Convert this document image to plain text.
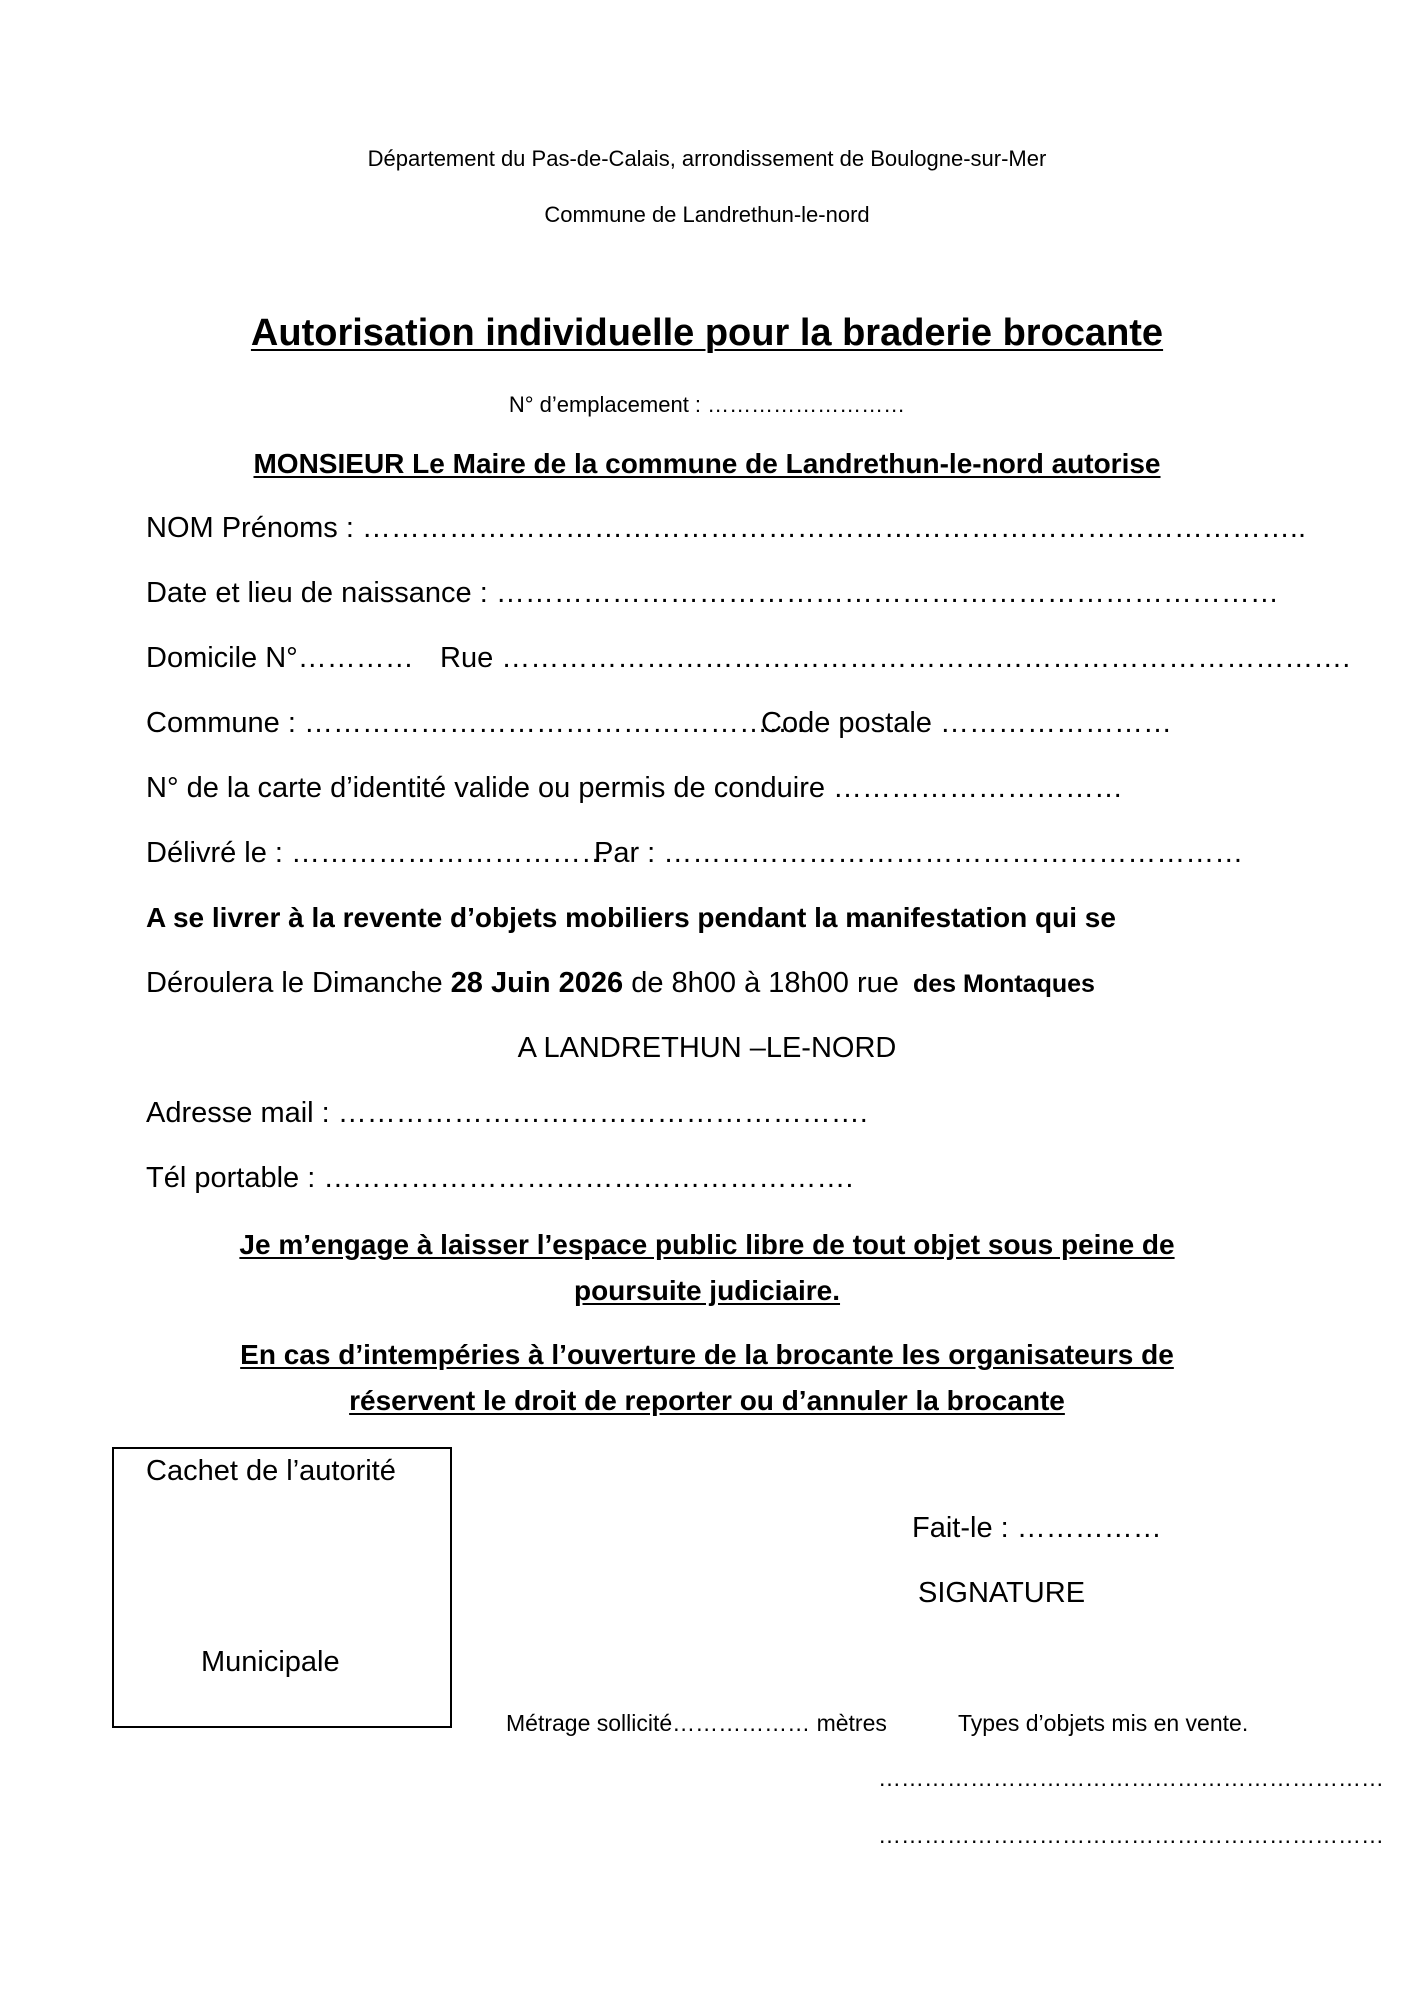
Département du Pas-de-Calais, arrondissement de Boulogne-sur-Mer
Commune de Landrethun-le-nord
Autorisation individuelle pour la braderie brocante
N° d’emplacement : ………………………
MONSIEUR Le Maire de la commune de Landrethun-le-nord autorise
NOM Prénoms : ……………………………………………………………………………………..
Date et lieu de naissance : ………………………………………………………………………
Domicile N°………… Rue …………………………………………………………………………….
Commune : …………………………………………….
Code postale ……………………
N° de la carte d’identité valide ou permis de conduire …………………………
Délivré le : ……………………………
Par : ……………………………………………………
A se livrer à la revente d’objets mobiliers pendant la manifestation qui se
Déroulera le Dimanche 28 Juin 2026 de 8h00 à 18h00 rue des Montaques
A LANDRETHUN –LE-NORD
Adresse mail : ……………………………………………….
Tél portable : ……………………………………………….
Je m’engage à laisser l’espace public libre de tout objet sous peine de
poursuite judiciaire.
En cas d’intempéries à l’ouverture de la brocante les organisateurs de
réservent le droit de reporter ou d’annuler la brocante
Cachet de l’autorité
Municipale
Fait-le : ……………
SIGNATURE
Métrage sollicité……………… mètres	Types d’objets mis en vente.
…………………………………………………………
…………………………………………………………
